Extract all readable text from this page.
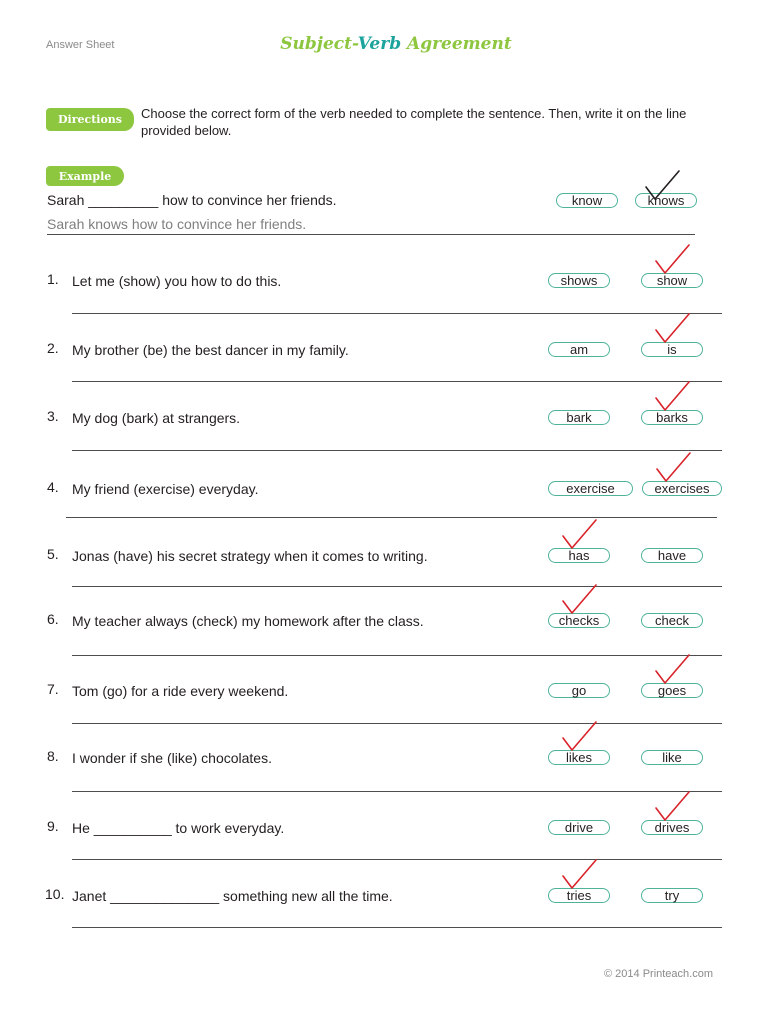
Answer Sheet	Subject-Verb Agreement
Directions	Choose the correct form of the verb needed to complete the sentence. Then, write it on the line provided below.
Example
Sarah _________ how to convince her friends.
Sarah knows how to convince her friends.
know	knows
1. Let me (show) you how to do this.	shows	show
2. My brother (be) the best dancer in my family.	am	is
3. My dog (bark) at strangers.	bark	barks
4. My friend (exercise) everyday.	exercise	exercises
5. Jonas (have) his secret strategy when it comes to writing.	has	have
6. My teacher always (check) my homework after the class.	checks	check
7. Tom (go) for a ride every weekend.	go	goes
8. I wonder if she (like) chocolates.	likes	like
9. He __________ to work everyday.	drive	drives
10. Janet ______________ something new all the time.	tries	try
© 2014 Printeach.com
